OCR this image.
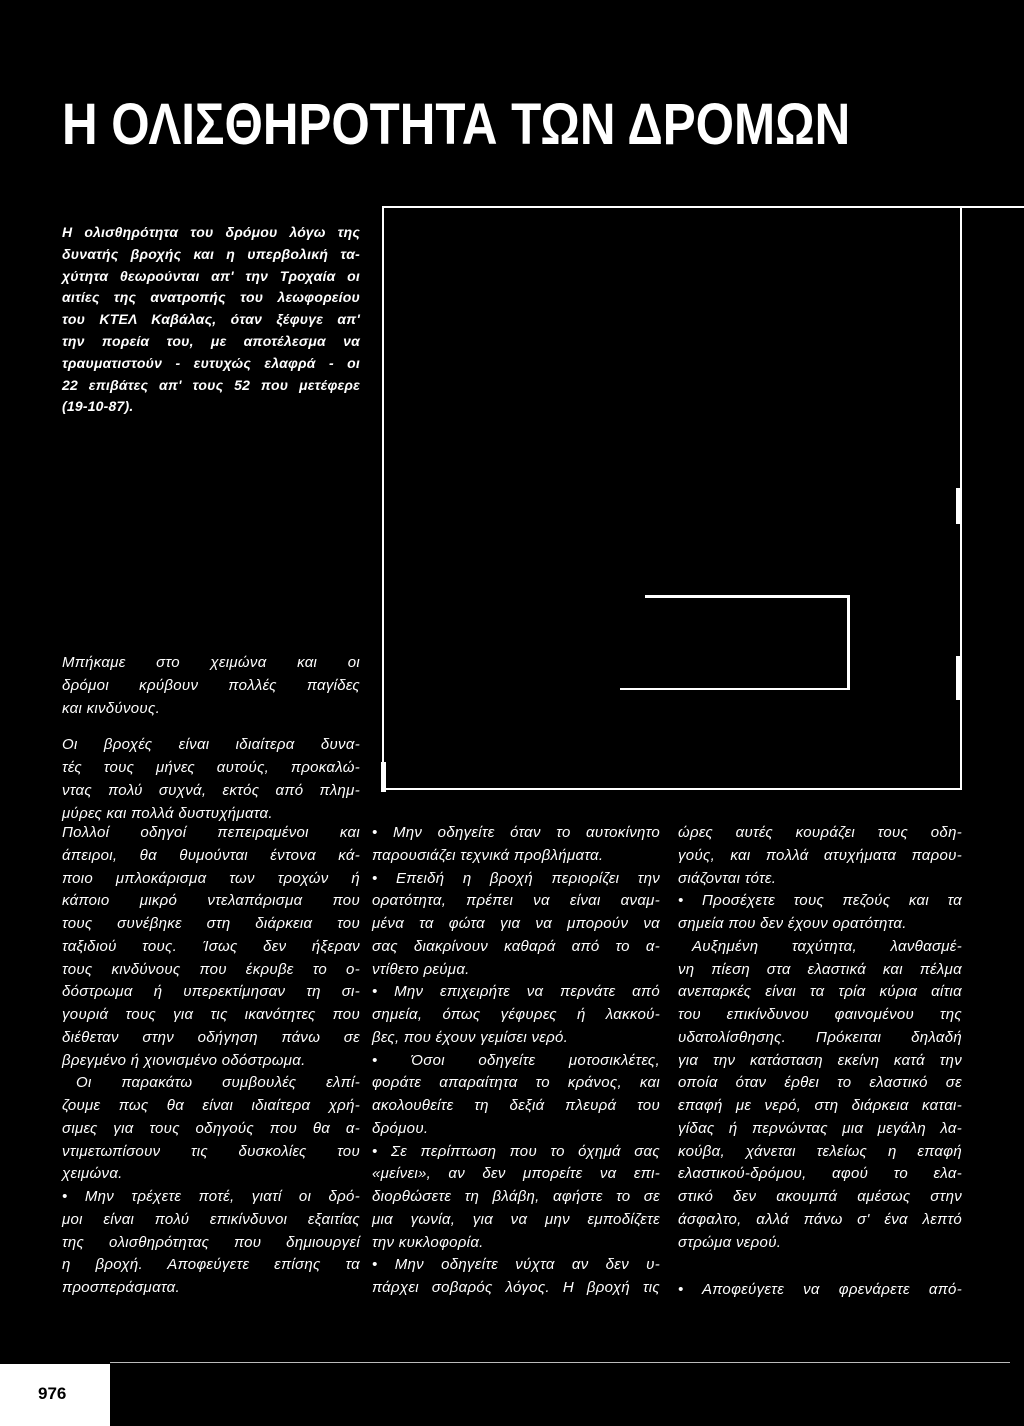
Η ΟΛΙΣΘΗΡΟΤΗΤΑ ΤΩΝ ΔΡΟΜΩΝ
Η ολισθηρότητα του δρόμου λόγω της
δυνατής βροχής και η υπερβολική τα-
χύτητα θεωρούνται απ' την Τροχαία οι
αιτίες της ανατροπής του λεωφορείου
του ΚΤΕΛ Καβάλας, όταν ξέφυγε απ'
την πορεία του, με αποτέλεσμα να
τραυματιστούν - ευτυχώς ελαφρά - οι
22 επιβάτες απ' τους 52 που μετέφερε
(19-10-87).
Μπήκαμε στο χειμώνα και οι
δρόμοι κρύβουν πολλές παγίδες
και κινδύνους.
Οι βροχές είναι ιδιαίτερα δυνα-
τές τους μήνες αυτούς, προκαλώ-
ντας πολύ συχνά, εκτός από πλημ-
μύρες και πολλά δυστυχήματα.
Πολλοί οδηγοί πεπειραμένοι και
άπειροι, θα θυμούνται έντονα κά-
ποιο μπλοκάρισμα των τροχών ή
κάποιο μικρό ντελαπάρισμα που
τους συνέβηκε στη διάρκεια του
ταξιδιού τους. Ίσως δεν ήξεραν
τους κινδύνους που έκρυβε το ο-
δόστρωμα ή υπερεκτίμησαν τη σι-
γουριά τους για τις ικανότητες που
διέθεταν στην οδήγηση πάνω σε
βρεγμένο ή χιονισμένο οδόστρωμα.
Οι παρακάτω συμβουλές ελπί-
ζουμε πως θα είναι ιδιαίτερα χρή-
σιμες για τους οδηγούς που θα α-
ντιμετωπίσουν τις δυσκολίες του
χειμώνα.
• Μην τρέχετε ποτέ, γιατί οι δρό-
μοι είναι πολύ επικίνδυνοι εξαιτίας
της ολισθηρότητας που δημιουργεί
η βροχή. Αποφεύγετε επίσης τα
προσπεράσματα.
• Μην οδηγείτε όταν το αυτοκίνητο
παρουσιάζει τεχνικά προβλήματα.
• Επειδή η βροχή περιορίζει την
ορατότητα, πρέπει να είναι αναμ-
μένα τα φώτα για να μπορούν να
σας διακρίνουν καθαρά από το α-
ντίθετο ρεύμα.
• Μην επιχειρήτε να περνάτε από
σημεία, όπως γέφυρες ή λακκού-
βες, που έχουν γεμίσει νερό.
• Όσοι οδηγείτε μοτοσικλέτες,
φοράτε απαραίτητα το κράνος, και
ακολουθείτε τη δεξιά πλευρά του
δρόμου.
• Σε περίπτωση που το όχημά σας
«μείνει», αν δεν μπορείτε να επι-
διορθώσετε τη βλάβη, αφήστε το σε
μια γωνία, για να μην εμποδίζετε
την κυκλοφορία.
• Μην οδηγείτε νύχτα αν δεν υ-
πάρχει σοβαρός λόγος. Η βροχή τις
ώρες αυτές κουράζει τους οδη-
γούς, και πολλά ατυχήματα παρου-
σιάζονται τότε.
• Προσέχετε τους πεζούς και τα
σημεία που δεν έχουν ορατότητα.
Αυξημένη ταχύτητα, λανθασμέ-
νη πίεση στα ελαστικά και πέλμα
ανεπαρκές είναι τα τρία κύρια αίτια
του επικίνδυνου φαινομένου της
υδατολίσθησης. Πρόκειται δηλαδή
για την κατάσταση εκείνη κατά την
οποία όταν έρθει το ελαστικό σε
επαφή με νερό, στη διάρκεια καται-
γίδας ή περνώντας μια μεγάλη λα-
κούβα, χάνεται τελείως η επαφή
ελαστικού-δρόμου, αφού το ελα-
στικό δεν ακουμπά αμέσως στην
άσφαλτο, αλλά πάνω σ' ένα λεπτό
στρώμα νερού.
• Αποφεύγετε να φρενάρετε από-
976
